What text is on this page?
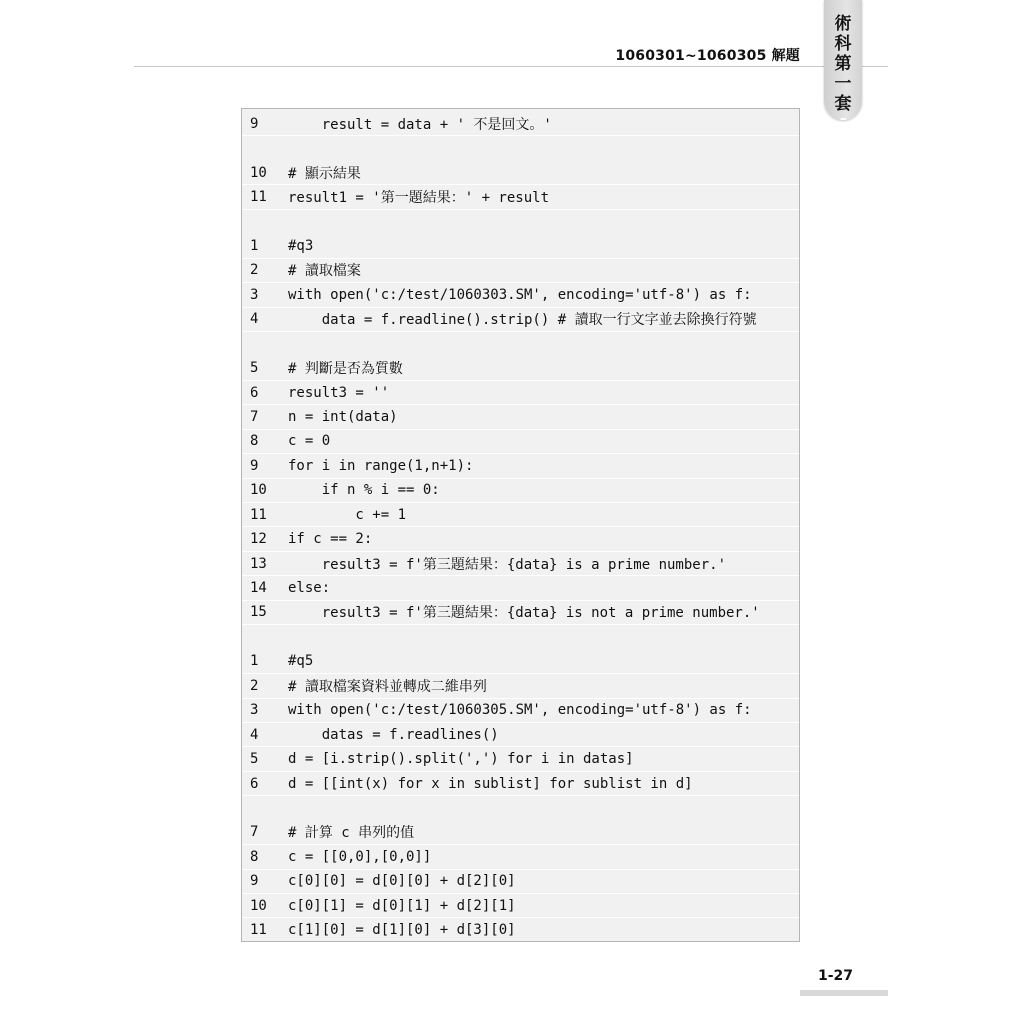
1060301~1060305 解題
術
科
第
一
套
9	result = data + ' 不是回文。'
10	# 顯示結果
11	result1 = '第一題結果：' + result
1	#q3
2	# 讀取檔案
3	with open('c:/test/1060303.SM', encoding='utf-8') as f:
4	data = f.readline().strip() # 讀取一行文字並去除換行符號
5	# 判斷是否為質數
6	result3 = ''
7	n = int(data)
8	c = 0
9	for i in range(1,n+1):
10	if n % i == 0:
11	c += 1
12	if c == 2:
13	result3 = f'第三題結果：{data} is a prime number.'
14	else:
15	result3 = f'第三題結果：{data} is not a prime number.'
1	#q5
2	# 讀取檔案資料並轉成二維串列
3	with open('c:/test/1060305.SM', encoding='utf-8') as f:
4	datas = f.readlines()
5	d = [i.strip().split(',') for i in datas]
6	d = [[int(x) for x in sublist] for sublist in d]
7	# 計算 c 串列的值
8	c = [[0,0],[0,0]]
9	c[0][0] = d[0][0] + d[2][0]
10	c[0][1] = d[0][1] + d[2][1]
11	c[1][0] = d[1][0] + d[3][0]
1-27
